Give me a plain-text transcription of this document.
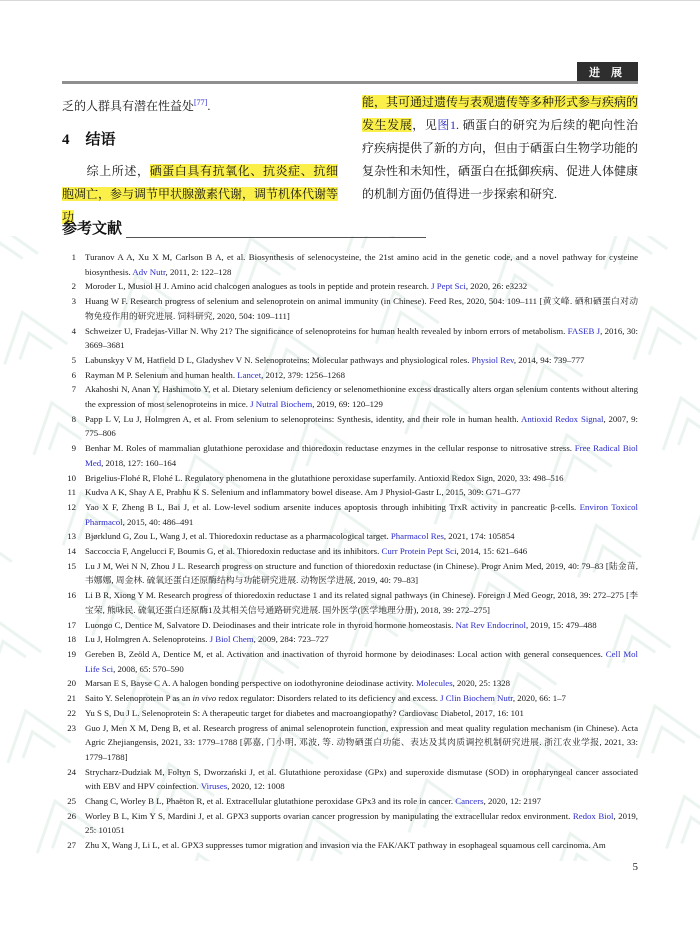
进 展

乏的人群具有潜在性益处[77].

4 结语

综上所述，硒蛋白具有抗氧化、抗炎症、抗细胞凋亡，参与调节甲状腺激素代谢，调节机体代谢等功

能，其可通过遗传与表观遗传等多种形式参与疾病的发生发展，见图1. 硒蛋白的研究为后续的靶向性治疗疾病提供了新的方向，但由于硒蛋白生物学功能的复杂性和未知性，硒蛋白在抵御疾病、促进人体健康的机制方面仍值得进一步探索和研究.

参考文献
1 Turanov A A, Xu X M, Carlson B A, et al. Biosynthesis of selenocysteine, the 21st amino acid in the genetic code, and a novel pathway for cysteine biosynthesis. Adv Nutr, 2011, 2: 122–128
2 Moroder L, Musiol H J. Amino acid chalcogen analogues as tools in peptide and protein research. J Pept Sci, 2020, 26: e3232
3 Huang W F. Research progress of selenium and selenoprotein on animal immunity (in Chinese). Feed Res, 2020, 504: 109–111 [黄文峰. 硒和硒蛋白对动物免疫作用的研究进展. 饲料研究, 2020, 504: 109–111]
4 Schweizer U, Fradejas-Villar N. Why 21? The significance of selenoproteins for human health revealed by inborn errors of metabolism. FASEB J, 2016, 30: 3669–3681
5 Labunskyy V M, Hatfield D L, Gladyshev V N. Selenoproteins: Molecular pathways and physiological roles. Physiol Rev, 2014, 94: 739–777
6 Rayman M P. Selenium and human health. Lancet, 2012, 379: 1256–1268
7 Akahoshi N, Anan Y, Hashimoto Y, et al. Dietary selenium deficiency or selenomethionine excess drastically alters organ selenium contents without altering the expression of most selenoproteins in mice. J Nutral Biochem, 2019, 69: 120–129
8 Papp L V, Lu J, Holmgren A, et al. From selenium to selenoproteins: Synthesis, identity, and their role in human health. Antioxid Redox Signal, 2007, 9: 775–806
9 Benhar M. Roles of mammalian glutathione peroxidase and thioredoxin reductase enzymes in the cellular response to nitrosative stress. Free Radical Biol Med, 2018, 127: 160–164
10 Brigelius-Flohé R, Flohé L. Regulatory phenomena in the glutathione peroxidase superfamily. Antioxid Redox Sign, 2020, 33: 498–516
11 Kudva A K, Shay A E, Prabhu K S. Selenium and inflammatory bowel disease. Am J Physiol-Gastr L, 2015, 309: G71–G77
12 Yao X F, Zheng B L, Bai J, et al. Low-level sodium arsenite induces apoptosis through inhibiting TrxR activity in pancreatic β-cells. Environ Toxicol Pharmacol, 2015, 40: 486–491
13 Bjørklund G, Zou L, Wang J, et al. Thioredoxin reductase as a pharmacological target. Pharmacol Res, 2021, 174: 105854
14 Saccoccia F, Angelucci F, Boumis G, et al. Thioredoxin reductase and its inhibitors. Curr Protein Pept Sci, 2014, 15: 621–646
15 Lu J M, Wei N N, Zhou J L. Research progress on structure and function of thioredoxin reductase (in Chinese). Progr Anim Med, 2019, 40: 79–83 [陆金苗, 韦娜娜, 周金林. 硫氧还蛋白还原酶结构与功能研究进展. 动物医学进展, 2019, 40: 79–83]
16 Li B R, Xiong Y M. Research progress of thioredoxin reductase 1 and its related signal pathways (in Chinese). Foreign J Med Geogr, 2018, 39: 272–275 [李宝荣, 熊咏民. 硫氧还蛋白还原酶1及其相关信号通路研究进展. 国外医学(医学地理分册), 2018, 39: 272–275]
17 Luongo C, Dentice M, Salvatore D. Deiodinases and their intricate role in thyroid hormone homeostasis. Nat Rev Endocrinol, 2019, 15: 479–488
18 Lu J, Holmgren A. Selenoproteins. J Biol Chem, 2009, 284: 723–727
19 Gereben B, Zeöld A, Dentice M, et al. Activation and inactivation of thyroid hormone by deiodinases: Local action with general consequences. Cell Mol Life Sci, 2008, 65: 570–590
20 Marsan E S, Bayse C A. A halogen bonding perspective on iodothyronine deiodinase activity. Molecules, 2020, 25: 1328
21 Saito Y. Selenoprotein P as an in vivo redox regulator: Disorders related to its deficiency and excess. J Clin Biochem Nutr, 2020, 66: 1–7
22 Yu S S, Du J L. Selenoprotein S: A therapeutic target for diabetes and macroangiopathy? Cardiovasc Diabetol, 2017, 16: 101
23 Guo J, Men X M, Deng B, et al. Research progress of animal selenoprotein function, expression and meat quality regulation mechanism (in Chinese). Acta Agric Zhejiangensis, 2021, 33: 1779–1788 [郭嘉, 门小明, 邓波, 等. 动物硒蛋白功能、表达及其肉质调控机制研究进展. 浙江农业学报, 2021, 33: 1779–1788]
24 Strycharz-Dudziak M, Foltyn S, Dworzański J, et al. Glutathione peroxidase (GPx) and superoxide dismutase (SOD) in oropharyngeal cancer associated with EBV and HPV coinfection. Viruses, 2020, 12: 1008
25 Chang C, Worley B L, Phaëton R, et al. Extracellular glutathione peroxidase GPx3 and its role in cancer. Cancers, 2020, 12: 2197
26 Worley B L, Kim Y S, Mardini J, et al. GPX3 supports ovarian cancer progression by manipulating the extracellular redox environment. Redox Biol, 2019, 25: 101051
27 Zhu X, Wang J, Li L, et al. GPX3 suppresses tumor migration and invasion via the FAK/AKT pathway in esophageal squamous cell carcinoma. Am
5
